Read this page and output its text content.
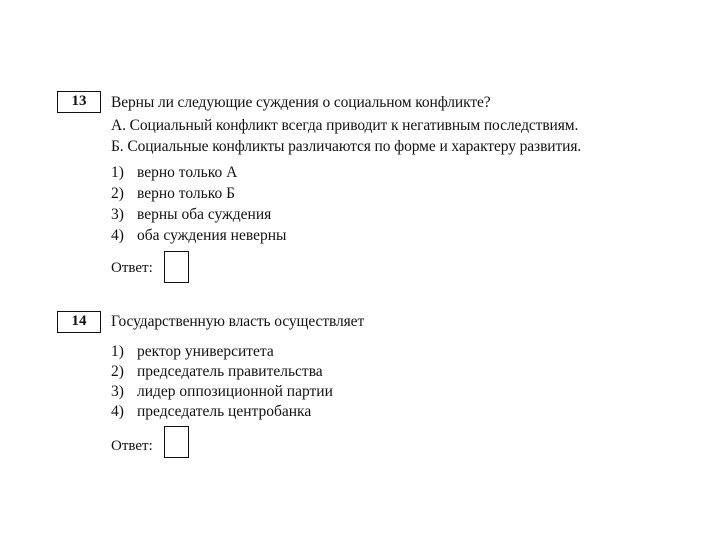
13	Верны ли следующие суждения о социальном конфликте?
А. Социальный конфликт всегда приводит к негативным последствиям.
Б. Социальные конфликты различаются по форме и характеру развития.
1) верно только А
2) верно только Б
3) верны оба суждения
4) оба суждения неверны
Ответ:
14	Государственную власть осуществляет
1) ректор университета
2) председатель правительства
3) лидер оппозиционной партии
4) председатель центробанка
Ответ:
